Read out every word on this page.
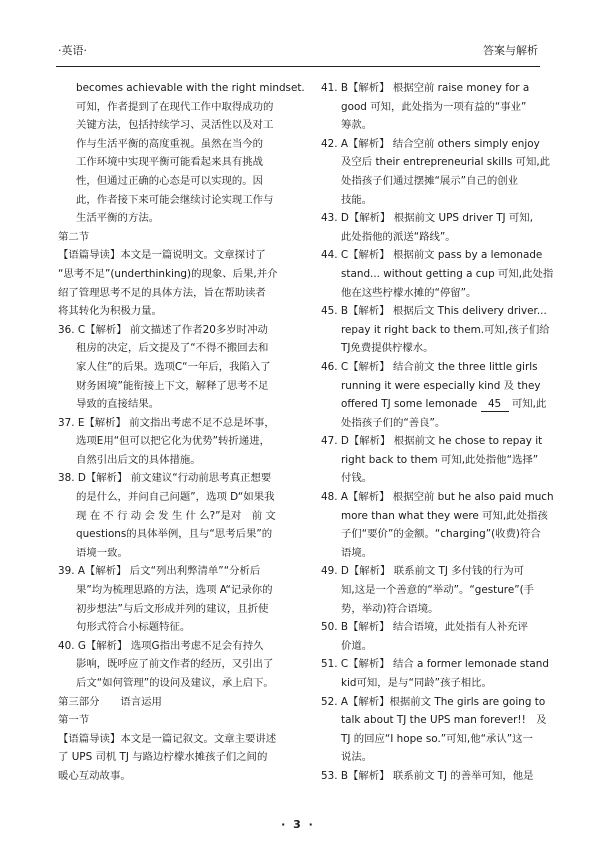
·英语·	答案与解析
becomes achievable with the right mindset.
可知，作者提到了在现代工作中取得成功的
关键方法，包括持续学习、灵活性以及对工
作与生活平衡的高度重视。虽然在当今的
工作环境中实现平衡可能看起来具有挑战
性，但通过正确的心态是可以实现的。因
此，作者接下来可能会继续讨论实现工作与
生活平衡的方法。
第二节
【语篇导读】本文是一篇说明文。文章探讨了
“思考不足”(underthinking)的现象、后果,并介
绍了管理思考不足的具体方法，旨在帮助读者
将其转化为积极力量。
36. C【解析】 前文描述了作者20多岁时冲动
租房的决定，后文提及了“不得不搬回去和
家人住”的后果。选项C“一年后，我陷入了
财务困境”能衔接上下文，解释了思考不足
导致的直接结果。
37. E【解析】 前文指出考虑不足不总是坏事，
选项E用“但可以把它化为优势”转折递进，
自然引出后文的具体措施。
38. D【解析】 前文建议“行动前思考真正想要
的是什么，并问自己问题”，选项 D“如果我
现 在 不 行 动 会 发 生 什 么?”是对　前 文
questions的具体举例，且与“思考后果”的
语境一致。
39. A【解析】 后文“列出利弊清单”“分析后
果”均为梳理思路的方法，选项 A“记录你的
初步想法”与后文形成并列的建议，且折使
句形式符合小标题特征。
40. G【解析】 选项G指出考虑不足会有持久
影响，既呼应了前文作者的经历，又引出了
后文“如何管理”的设问及建议，承上启下。
第三部分　　语言运用
第一节
【语篇导读】本文是一篇记叙文。文章主要讲述
了 UPS 司机 TJ 与路边柠檬水摊孩子们之间的
暖心互动故事。
41. B【解析】 根据空前 raise money for a
good 可知，此处指为一项有益的“事业”
筹款。
42. A【解析】 结合空前 others simply enjoy
及空后 their entrepreneurial skills 可知,此
处指孩子们通过摆摊“展示”自己的创业
技能。
43. D【解析】 根据前文 UPS driver TJ 可知,
此处指他的派送“路线”。
44. C【解析】 根据前文 pass by a lemonade
stand... without getting a cup 可知,此处指
他在这些柠檬水摊的“停留”。
45. B【解析】 根据后文 This delivery driver...
repay it right back to them.可知,孩子们给
TJ免费提供柠檬水。
46. C【解析】 结合前文 the three little girls
running it were especially kind 及 they
offered TJ some lemonade 45 可知,此
处指孩子们的“善良”。
47. D【解析】 根据前文 he chose to repay it
right back to them 可知,此处指他“选择”
付钱。
48. A【解析】 根据空前 but he also paid much
more than what they were 可知,此处指孩
子们“要价”的金额。“charging”(收费)符合
语境。
49. D【解析】 联系前文 TJ 多付钱的行为可
知,这是一个善意的“举动”。“gesture”(手
势，举动)符合语境。
50. B【解析】 结合语境，此处指有人补充评
价道。
51. C【解析】 结合 a former lemonade stand
kid可知，是与“同龄”孩子相比。
52. A【解析】根据前文 The girls are going to
talk about TJ the UPS man forever!!　及
TJ 的回应“I hope so.”可知,他“承认”这一
说法。
53. B【解析】 联系前文 TJ 的善举可知，他是
· 3 ·
